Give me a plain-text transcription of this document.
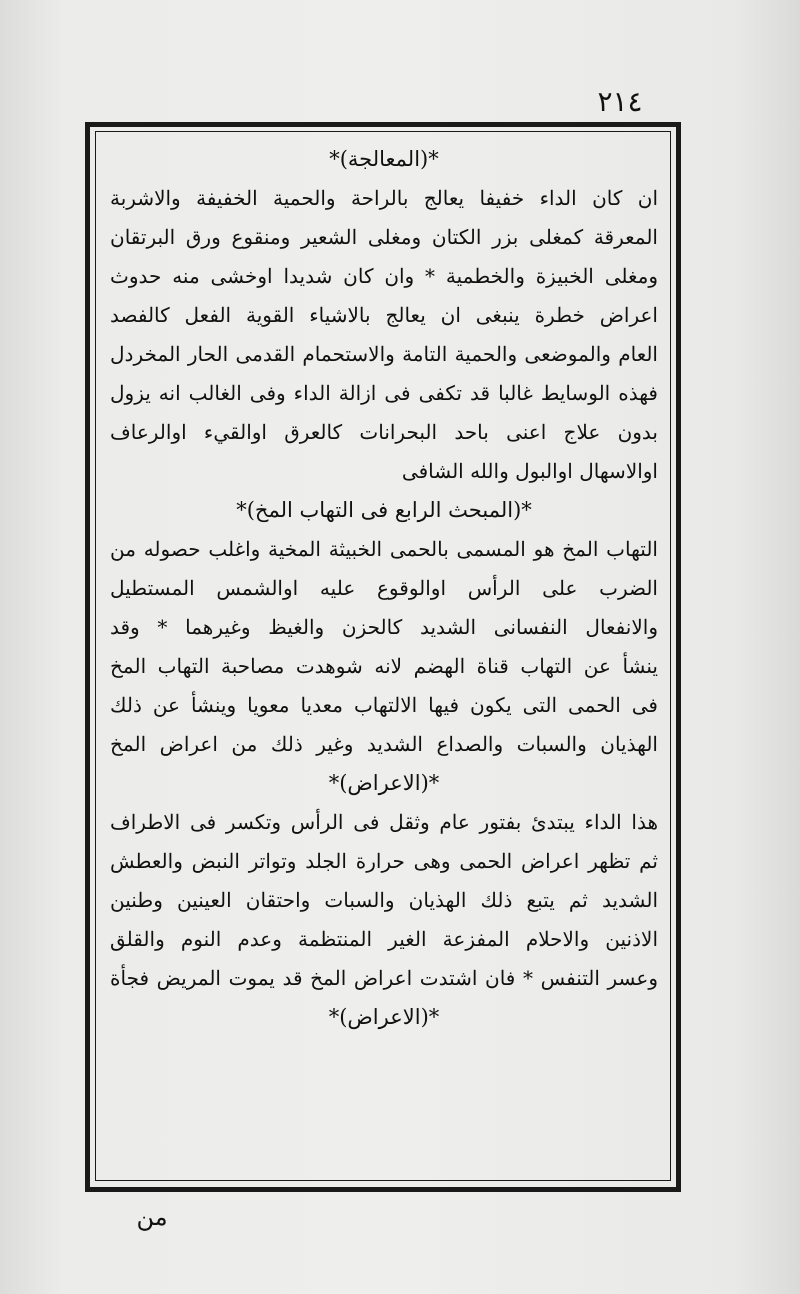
٢١٤
*(المعالجة)*
ان كان الداء خفيفا يعالج بالراحة والحمية الخفيفة والاشربة
المعرقة كمغلى بزر الكتان ومغلى الشعير ومنقوع ورق البرتقان
ومغلى الخبيزة والخطمية * وان كان شديدا اوخشى منه حدوث
اعراض خطرة ينبغى ان يعالج بالاشياء القوية الفعل كالفصد
العام والموضعى والحمية التامة والاستحمام القدمى الحار المخردل
فهذه الوسايط غالبا قد تكفى فى ازالة الداء وفى الغالب انه يزول
بدون علاج اعنى باحد البحرانات كالعرق اوالقيء اوالرعاف
اوالاسهال اوالبول والله الشافى
*(المبحث الرابع فى التهاب المخ)*
التهاب المخ هو المسمى بالحمى الخبيثة المخية واغلب حصوله من
الضرب على الرأس اوالوقوع عليه اوالشمس المستطيل
والانفعال النفسانى الشديد كالحزن والغيظ وغيرهما * وقد
ينشأ عن التهاب قناة الهضم لانه شوهدت مصاحبة التهاب المخ
فى الحمى التى يكون فيها الالتهاب معديا معويا وينشأ عن ذلك
الهذيان والسبات والصداع الشديد وغير ذلك من اعراض المخ
*(الاعراض)*
هذا الداء يبتدئ بفتور عام وثقل فى الرأس وتكسر فى الاطراف
ثم تظهر اعراض الحمى وهى حرارة الجلد وتواتر النبض والعطش
الشديد ثم يتبع ذلك الهذيان والسبات واحتقان العينين وطنين
الاذنين والاحلام المفزعة الغير المنتظمة وعدم النوم والقلق
وعسر التنفس * فان اشتدت اعراض المخ قد يموت المريض فجأة
*(الاعراض)*
من
